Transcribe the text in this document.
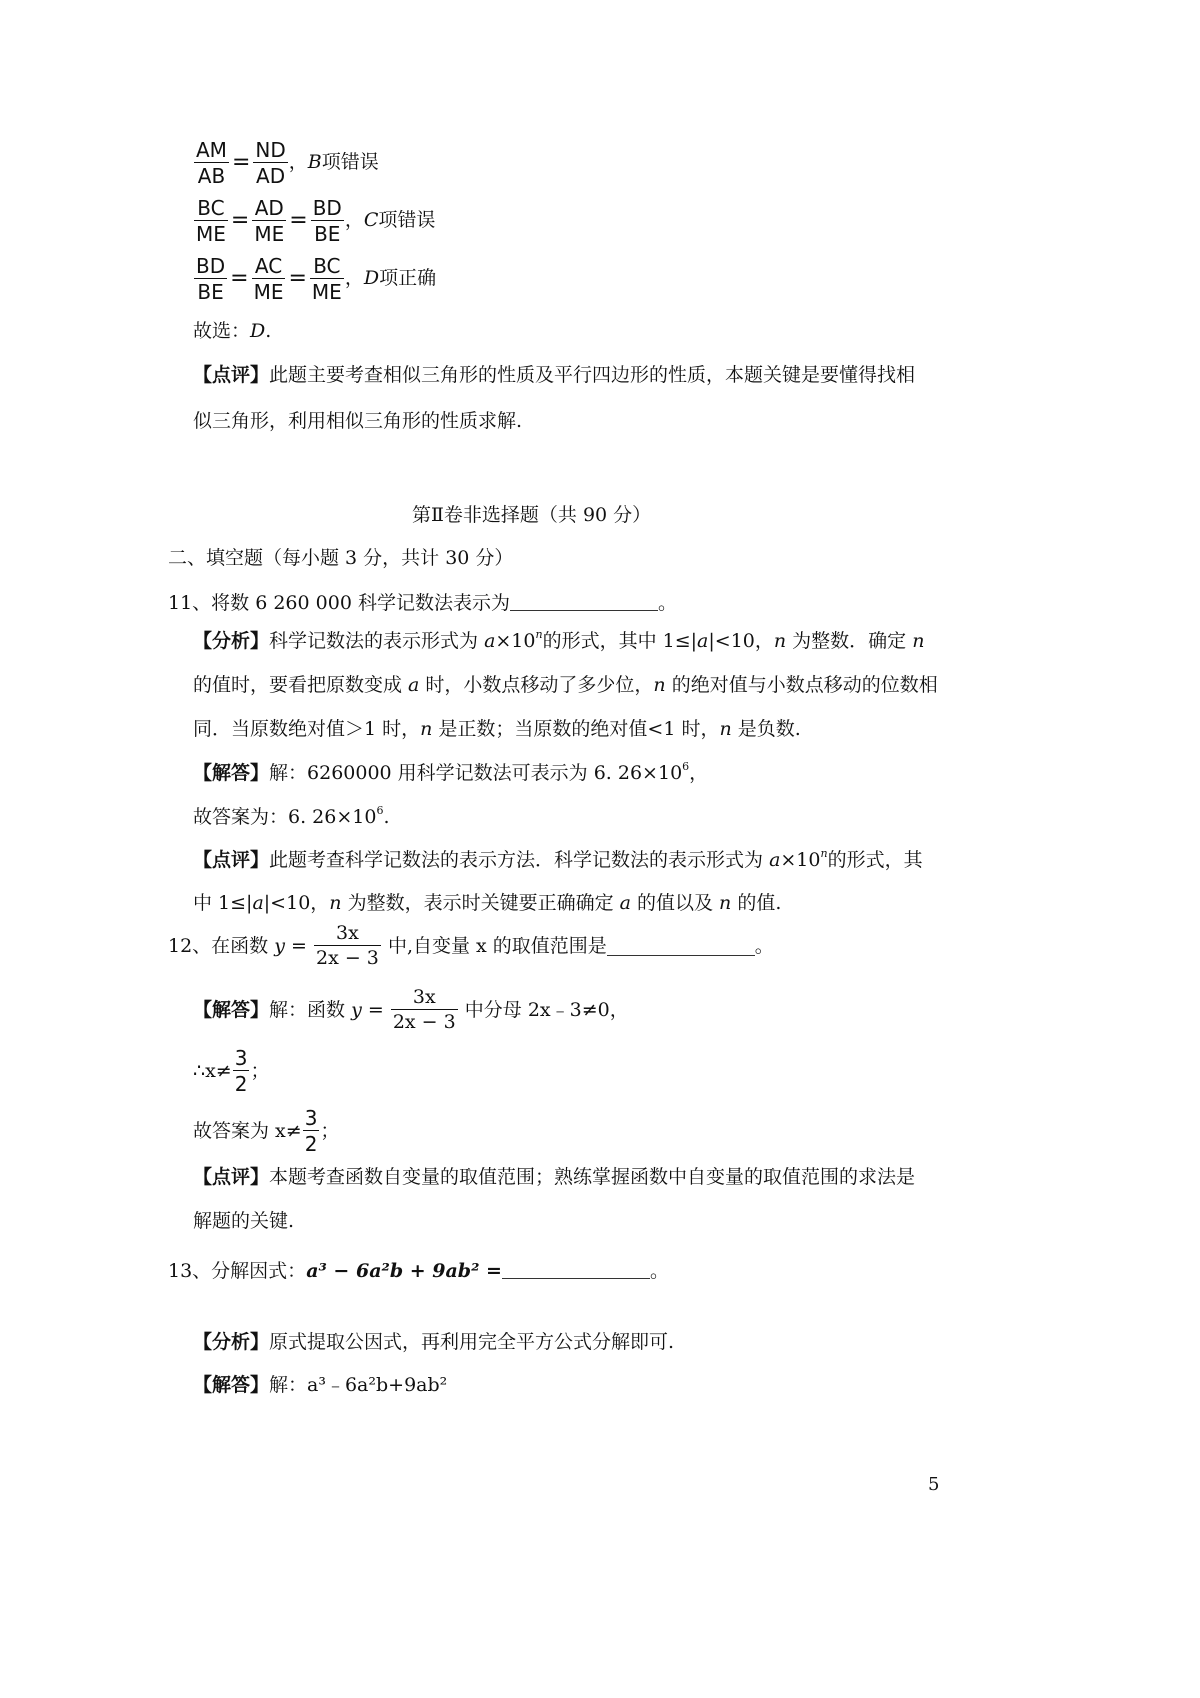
$\frac{AM}{AB} = \frac{ND}{AD}$ ，B项错误
$\frac{BC}{ME} = \frac{AD}{ME} = \frac{BD}{BE}$ ，C项错误
$\frac{BD}{BE} = \frac{AC}{ME} = \frac{BC}{ME}$ ，D项正确
故选：D.
【点评】此题主要考查相似三角形的性质及平行四边形的性质，本题关键是要懂得找相
似三角形，利用相似三角形的性质求解.
第Ⅱ卷非选择题（共 90 分）
二、填空题（每小题 3 分，共计 30 分）
11、将数 6 260 000 科学记数法表示为	。
【分析】科学记数法的表示形式为 $a\times 10^n$的形式，其中 1≤|a|<10，n 为整数．确定 n
的值时，要看把原数变成 a 时，小数点移动了多少位，n 的绝对值与小数点移动的位数相
同．当原数绝对值＞1 时，n 是正数；当原数的绝对值<1 时，n 是负数.
【解答】解：6260000 用科学记数法可表示为 6. $26\times 10^6$，
故答案为：6. $26\times 10^6$.
【点评】此题考查科学记数法的表示方法．科学记数法的表示形式为 $a\times 10^n$的形式，其
中 1≤|a|<10，n 为整数，表示时关键要正确确定 a 的值以及 n 的值.
12、在函数 $y = \frac{3x}{2x - 3}$ 中,自变量 x 的取值范围是	。
【解答】解：函数 $y = \frac{3x}{2x - 3}$ 中分母 2x﹣3≠0，
∴x≠ $\frac{3}{2}$ ；
故答案为 $x\ne \frac{3}{2}$ ；
【点评】本题考查函数自变量的取值范围；熟练掌握函数中自变量的取值范围的求法是
解题的关键.
13、分解因式：a³ − 6a²b + 9ab² =	。
【分析】原式提取公因式，再利用完全平方公式分解即可.
【解答】解：a³﹣6a²b+9ab²
5
